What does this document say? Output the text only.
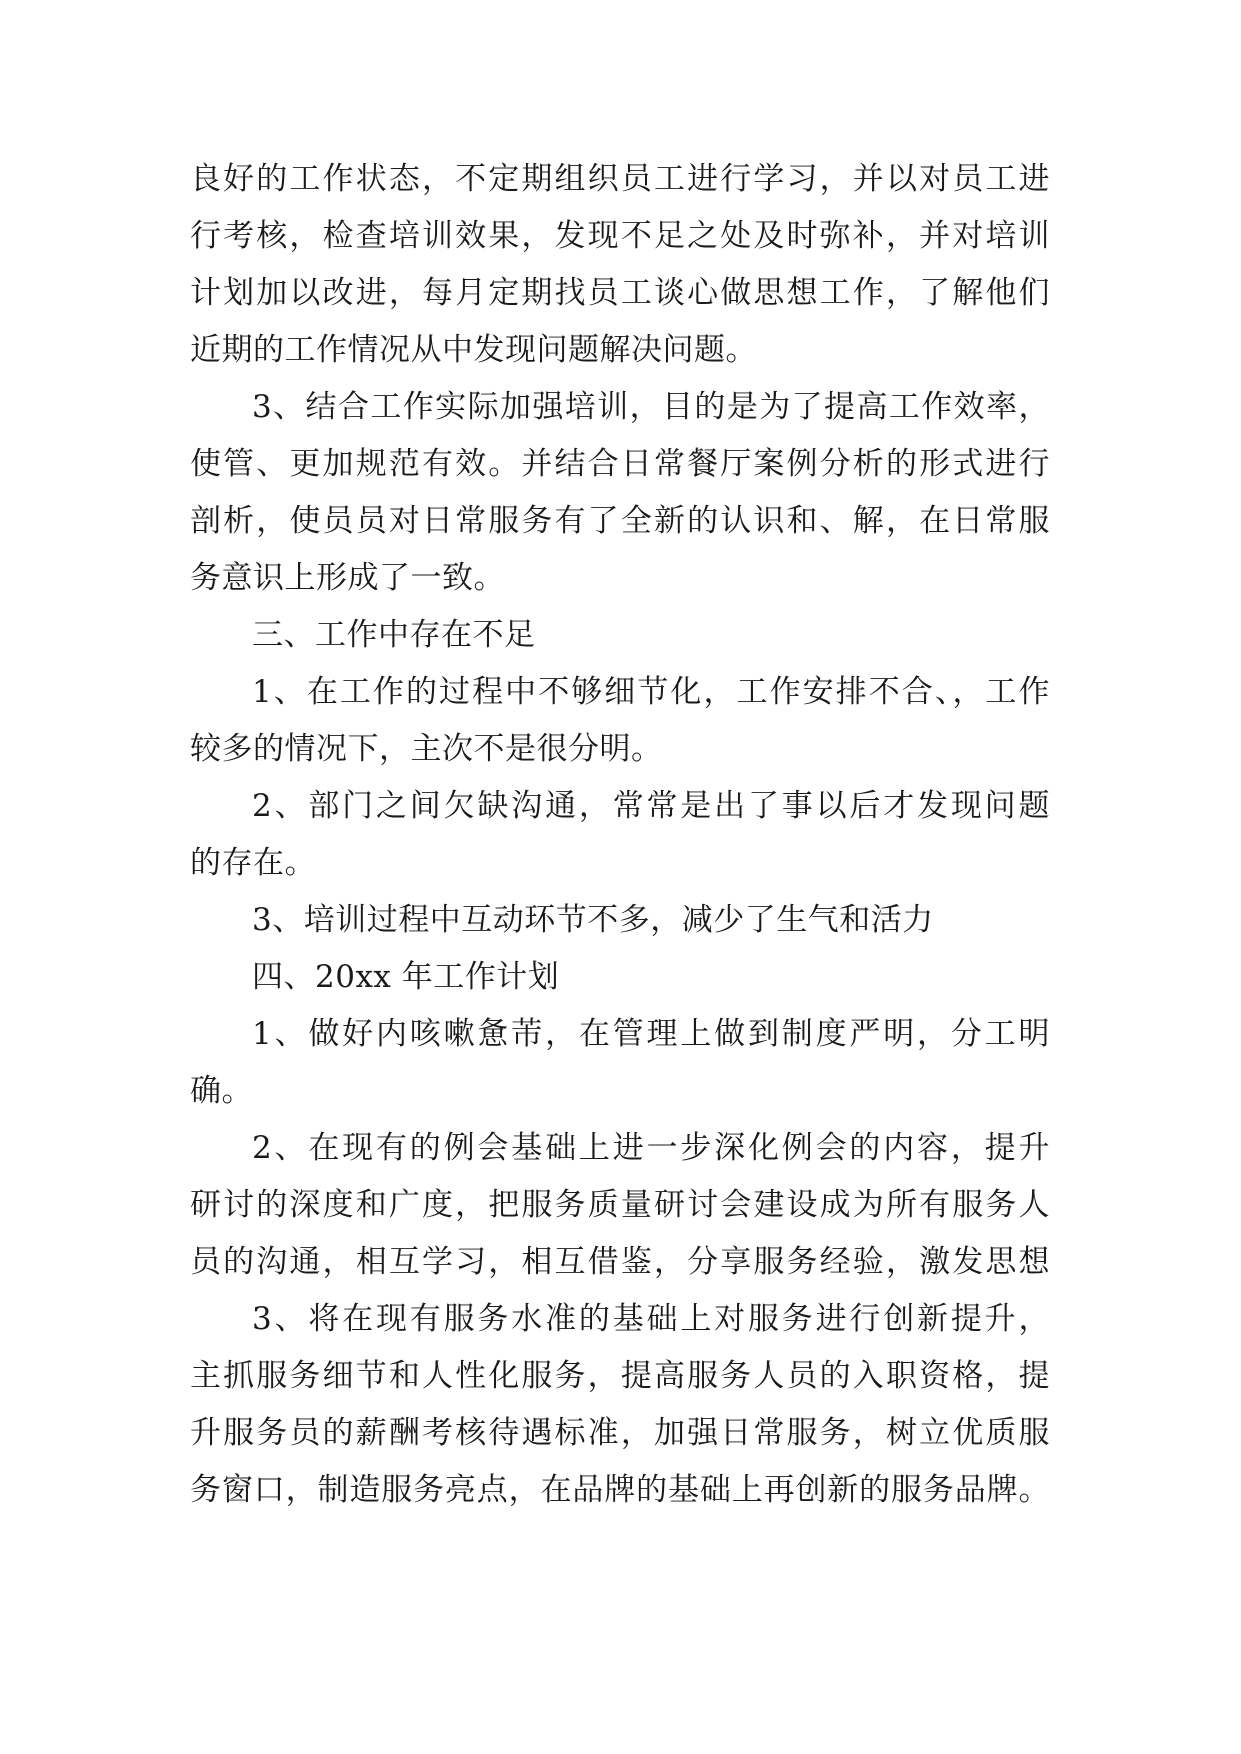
良好的工作状态，不定期组织员工进行学习，并以对员工进
行考核，检查培训效果，发现不足之处及时弥补，并对培训
计划加以改进，每月定期找员工谈心做思想工作，了解他们
近期的工作情况从中发现问题解决问题。
3、结合工作实际加强培训，目的是为了提高工作效率，
使管、更加规范有效。并结合日常餐厅案例分析的形式进行
剖析，使员员对日常服务有了全新的认识和、解，在日常服
务意识上形成了一致。
三、工作中存在不足
1、在工作的过程中不够细节化，工作安排不合、，工作
较多的情况下，主次不是很分明。
2、部门之间欠缺沟通，常常是出了事以后才发现问题
的存在。
3、培训过程中互动环节不多，减少了生气和活力
四、20xx 年工作计划
1、做好内咳嗽惫芾，在管理上做到制度严明，分工明
确。
2、在现有的例会基础上进一步深化例会的内容，提升
研讨的深度和广度，把服务质量研讨会建设成为所有服务人
员的沟通，相互学习，相互借鉴，分享服务经验，激发思想
3、将在现有服务水准的基础上对服务进行创新提升，
主抓服务细节和人性化服务，提高服务人员的入职资格，提
升服务员的薪酬考核待遇标准，加强日常服务，树立优质服
务窗口，制造服务亮点，在品牌的基础上再创新的服务品牌。
